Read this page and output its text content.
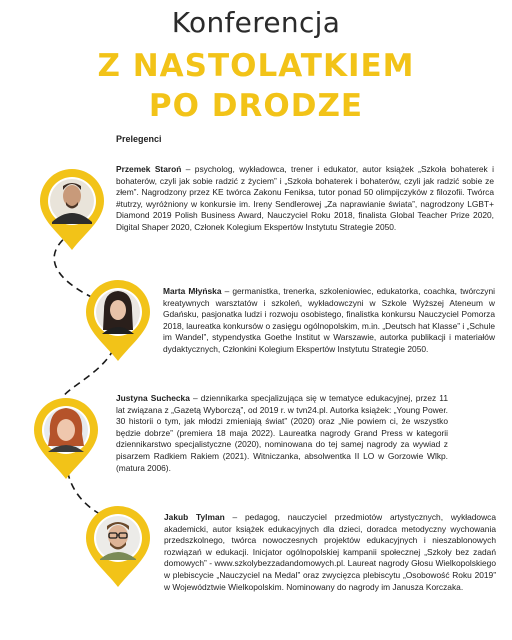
Konferencja
Z NASTOLATKIEM
PO DRODZE
Prelegenci
Przemek Staroń – psycholog, wykładowca, trener i edukator, autor książek „Szkoła bohaterek i bohaterów, czyli jak sobie radzić z życiem” i „Szkoła bohaterek i bohaterów, czyli jak radzić sobie ze złem”. Nagrodzony przez KE twórca Zakonu Feniksa, tutor ponad 50 olimpijczyków z filozofii. Twórca #tutrzy, wyróżniony w konkursie im. Ireny Sendlerowej „Za naprawianie świata”, nagrodzony LGBT+ Diamond 2019 Polish Business Award, Nauczyciel Roku 2018, finalista Global Teacher Prize 2020, Digital Shaper 2020, Członek Kolegium Ekspertów Instytutu Strategie 2050.
Marta Młyńska – germanistka, trenerka, szkoleniowiec, edukatorka, coachka, twórczyni kreatywnych warsztatów i szkoleń, wykładowczyni w Szkole Wyższej Ateneum w Gdańsku, pasjonatka ludzi i rozwoju osobistego, finalistka konkursu Nauczyciel Pomorza 2018, laureatka konkursów o zasięgu ogólnopolskim, m.in. „Deutsch hat Klasse” i „Schule im Wandel”, stypendystka Goethe Institut w Warszawie, autorka publikacji i materiałów dydaktycznych, Członkini Kolegium Ekspertów Instytutu Strategie 2050.
Justyna Suchecka – dziennikarka specjalizująca się w tematyce edukacyjnej, przez 11 lat związana z „Gazetą Wyborczą”, od 2019 r. w tvn24.pl. Autorka książek: „Young Power. 30 historii o tym, jak młodzi zmieniają świat” (2020) oraz „Nie powiem ci, że wszystko będzie dobrze” (premiera 18 maja 2022). Laureatka nagrody Grand Press w kategorii dziennikarstwo specjalistyczne (2020), nominowana do tej samej nagrody za wywiad z pisarzem Radkiem Rakiem (2021). Witniczanka, absolwentka II LO w Gorzowie Wlkp. (matura 2006).
Jakub Tylman – pedagog, nauczyciel przedmiotów artystycznych, wykładowca akademicki, autor książek edukacyjnych dla dzieci, doradca metodyczny wychowania przedszkolnego, twórca nowoczesnych projektów edukacyjnych i nieszablonowych rozwiązań w edukacji. Inicjator ogólnopolskiej kampanii społecznej „Szkoły bez zadań domowych” - www.szkolybezzadandomowych.pl. Laureat nagrody Głosu Wielkopolskiego w plebiscycie „Nauczyciel na Medal” oraz zwycięzca plebiscytu „Osobowość Roku 2019” w Województwie Wielkopolskim. Nominowany do nagrody im Janusza Korczaka.
